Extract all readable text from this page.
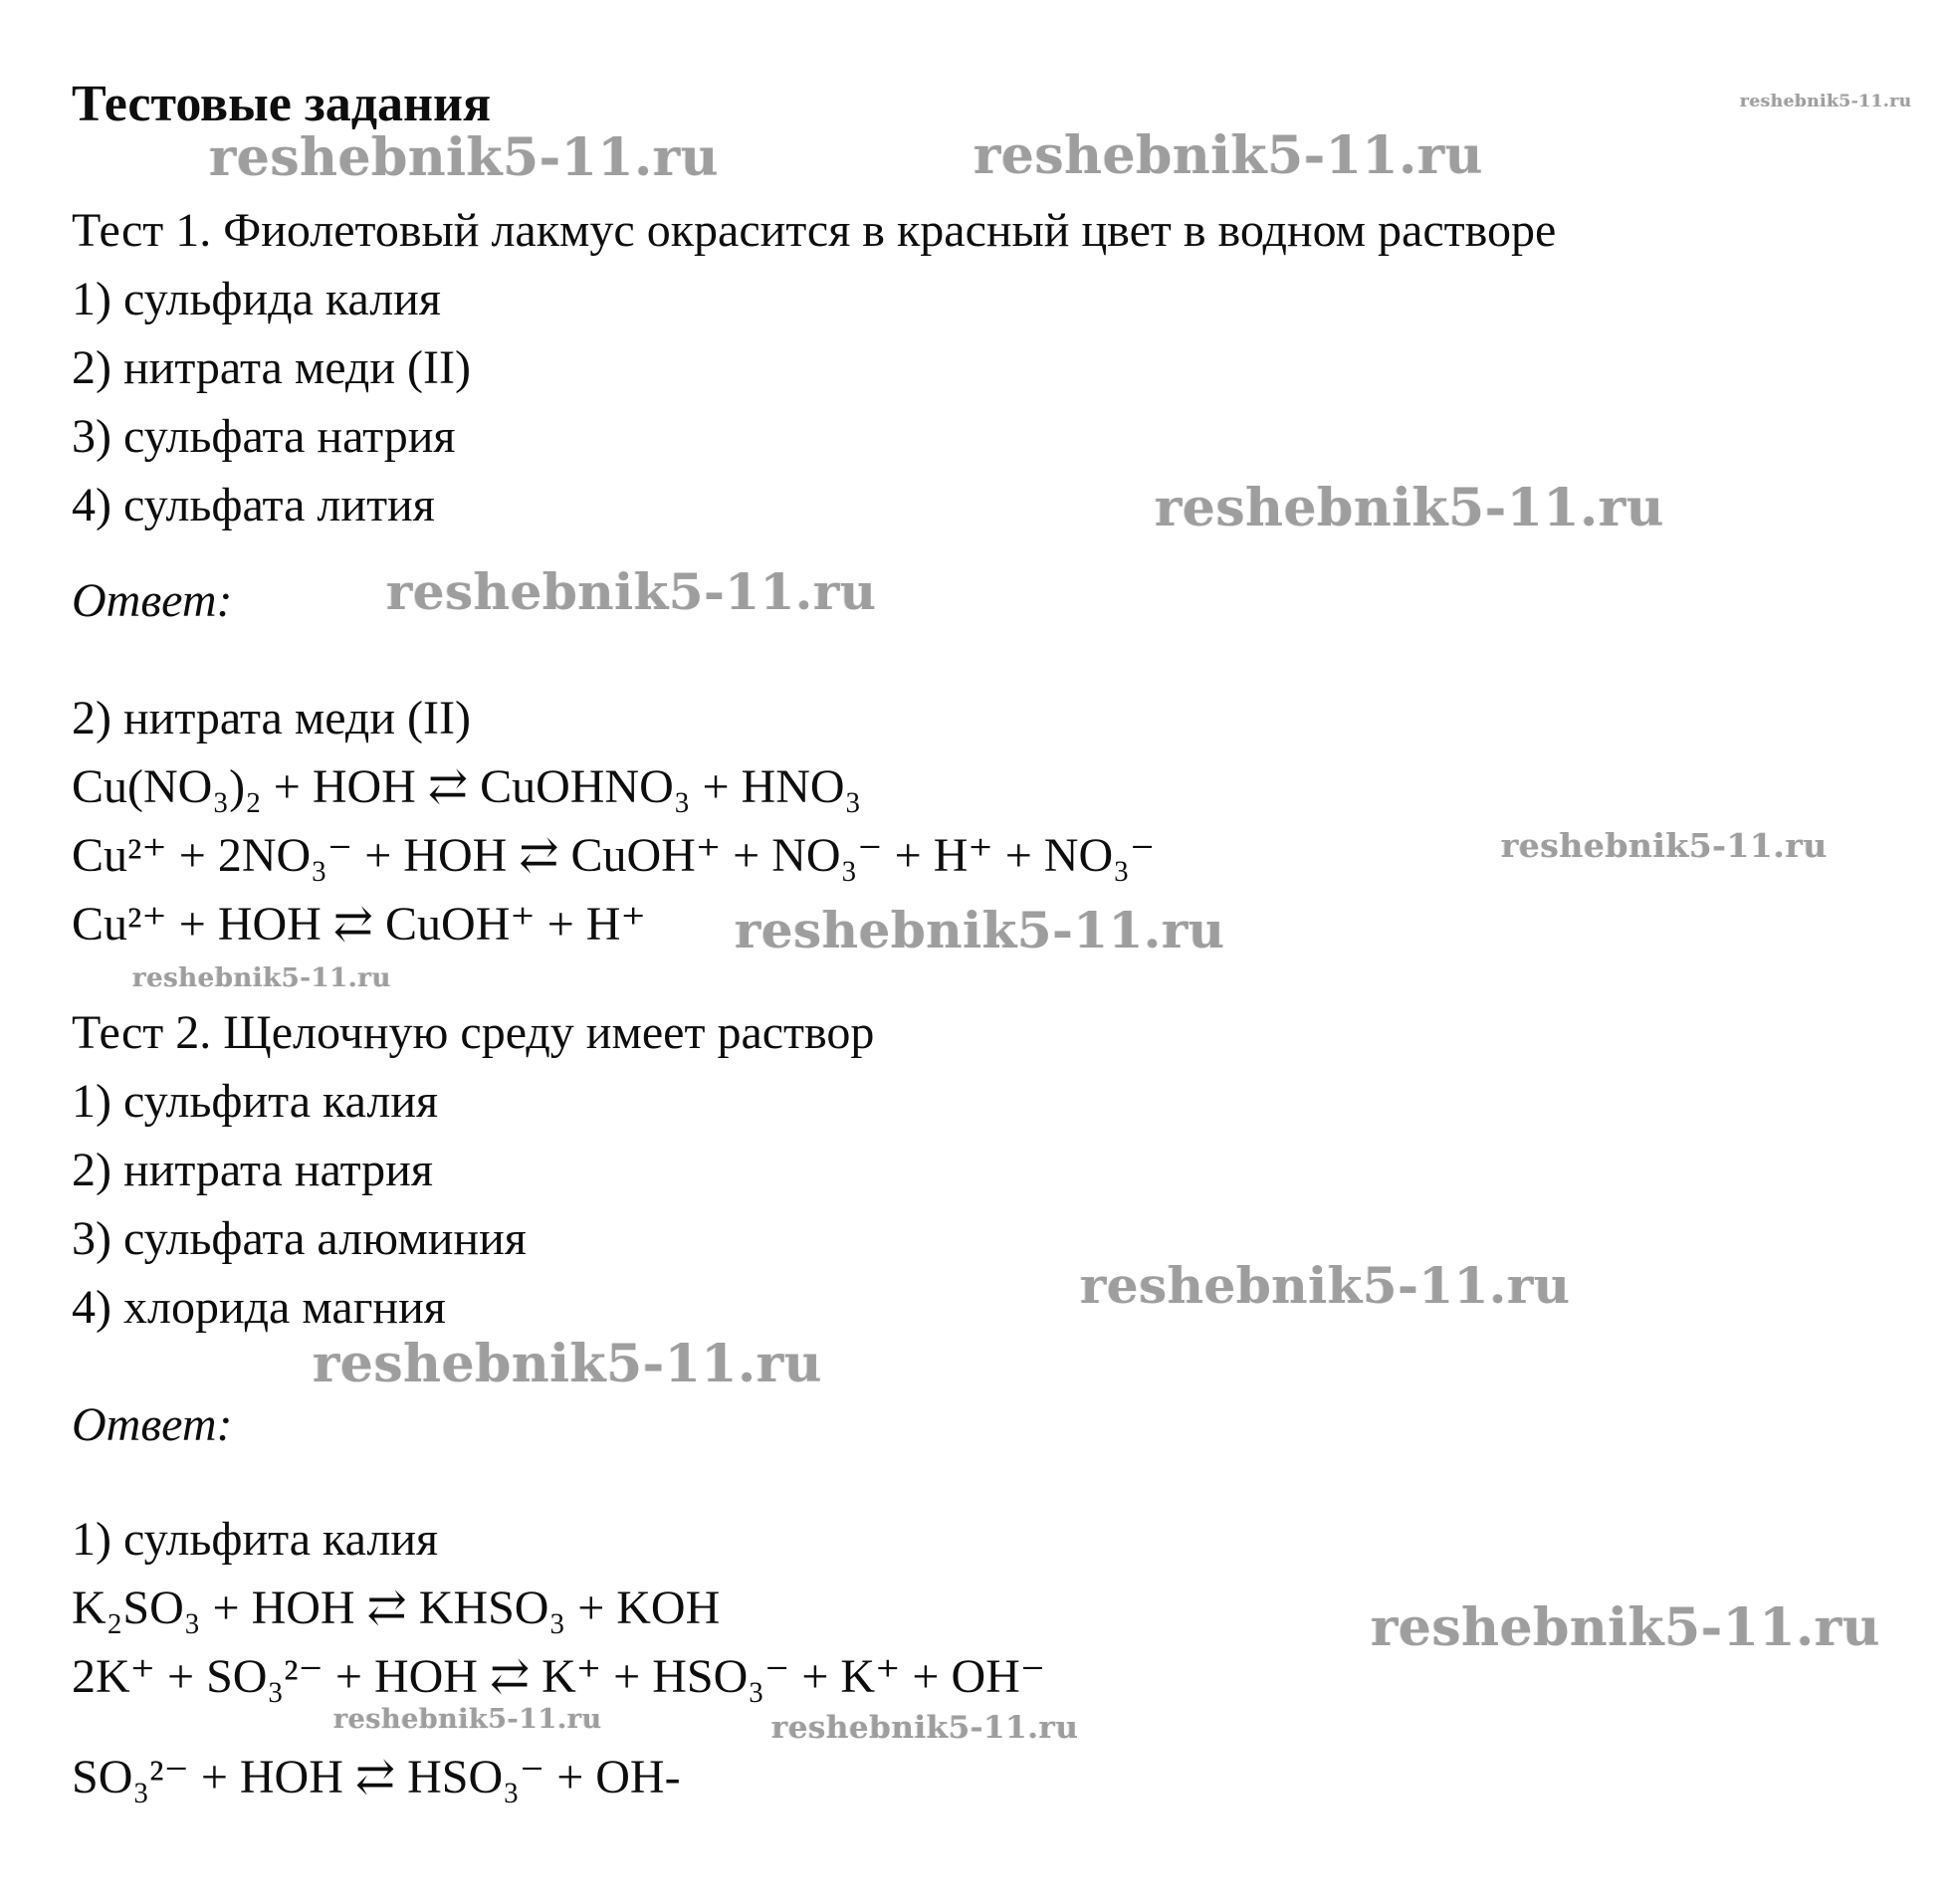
Тестовые задания

Тест 1. Фиолетовый лакмус окрасится в красный цвет в водном растворе

1) сульфида калия

2) нитрата меди (II)

3) сульфата натрия

4) сульфата лития

Ответ:

2) нитрата меди (II)

Cu(NO₃)₂ + HOH ⇄ CuOHNO₃ + HNO₃

Cu²⁺ + 2NO₃⁻ + HOH ⇄ CuOH⁺ + NO₃⁻ + H⁺ + NO₃⁻

Cu²⁺ + HOH ⇄ CuOH⁺ + H⁺

Тест 2. Щелочную среду имеет раствор

1) сульфита калия

2) нитрата натрия

3) сульфата алюминия

4) хлорида магния

Ответ:

1) сульфита калия

K₂SO₃ + HOH ⇄ KHSO₃ + KOH

2K⁺ + SO₃²⁻ + HOH ⇄ K⁺ + HSO₃⁻ + K⁺ + OH⁻

SO₃²⁻ + HOH ⇄ HSO₃⁻ + OH-

reshebnik5-11.ru
reshebnik5-11.ru	reshebnik5-11.ru
reshebnik5-11.ru
reshebnik5-11.ru
reshebnik5-11.ru
reshebnik5-11.ru
reshebnik5-11.ru
reshebnik5-11.ru
reshebnik5-11.ru
reshebnik5-11.ru
reshebnik5-11.ru	reshebnik5-11.ru
